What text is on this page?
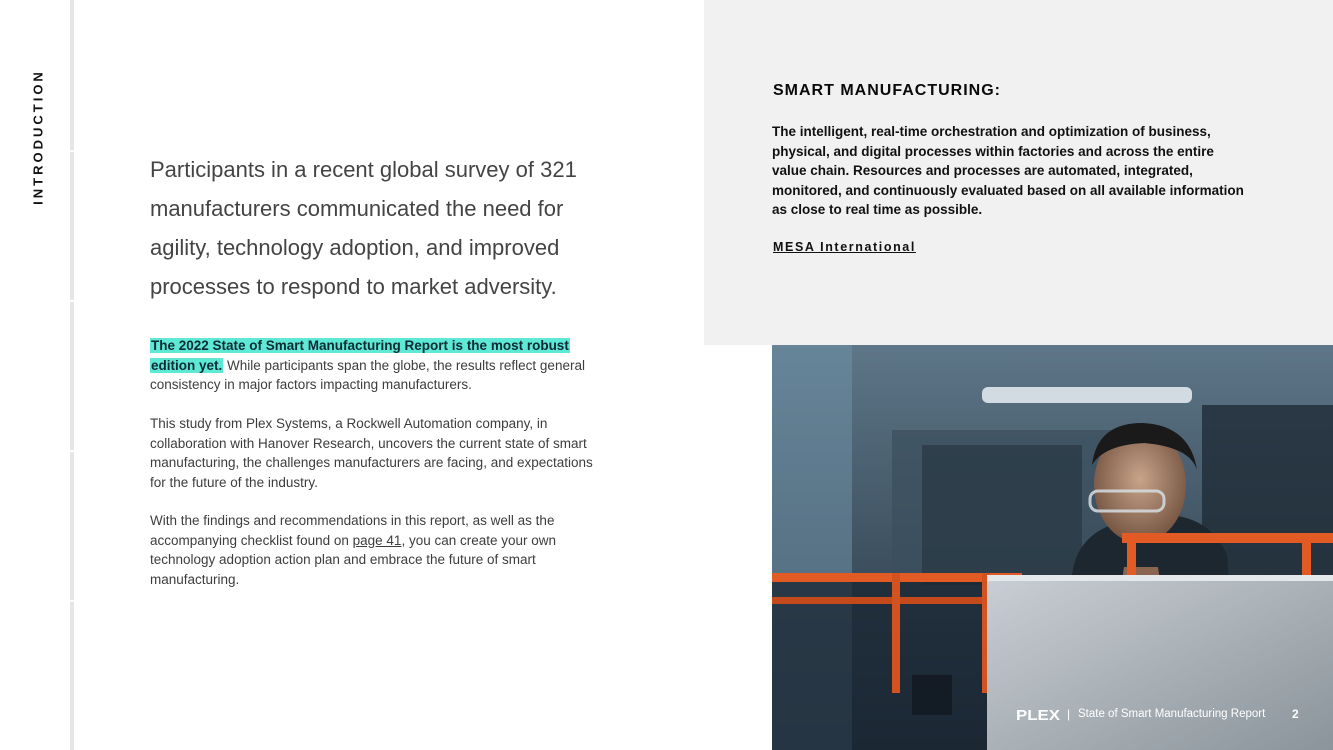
INTRODUCTION	Participants in a recent global survey of 321 manufacturers communicated the need for agility, technology adoption, and improved processes to respond to market adversity.

The 2022 State of Smart Manufacturing Report is the most robust edition yet. While participants span the globe, the results reflect general consistency in major factors impacting manufacturers.

This study from Plex Systems, a Rockwell Automation company, in collaboration with Hanover Research, uncovers the current state of smart manufacturing, the challenges manufacturers are facing, and expectations for the future of the industry.

With the findings and recommendations in this report, as well as the accompanying checklist found on page 41, you can create your own technology adoption action plan and embrace the future of smart manufacturing.

SMART MANUFACTURING:

The intelligent, real-time orchestration and optimization of business, physical, and digital processes within factories and across the entire value chain. Resources and processes are automated, integrated, monitored, and continuously evaluated based on all available information as close to real time as possible.

MESA International

PLEX | State of Smart Manufacturing Report 2
